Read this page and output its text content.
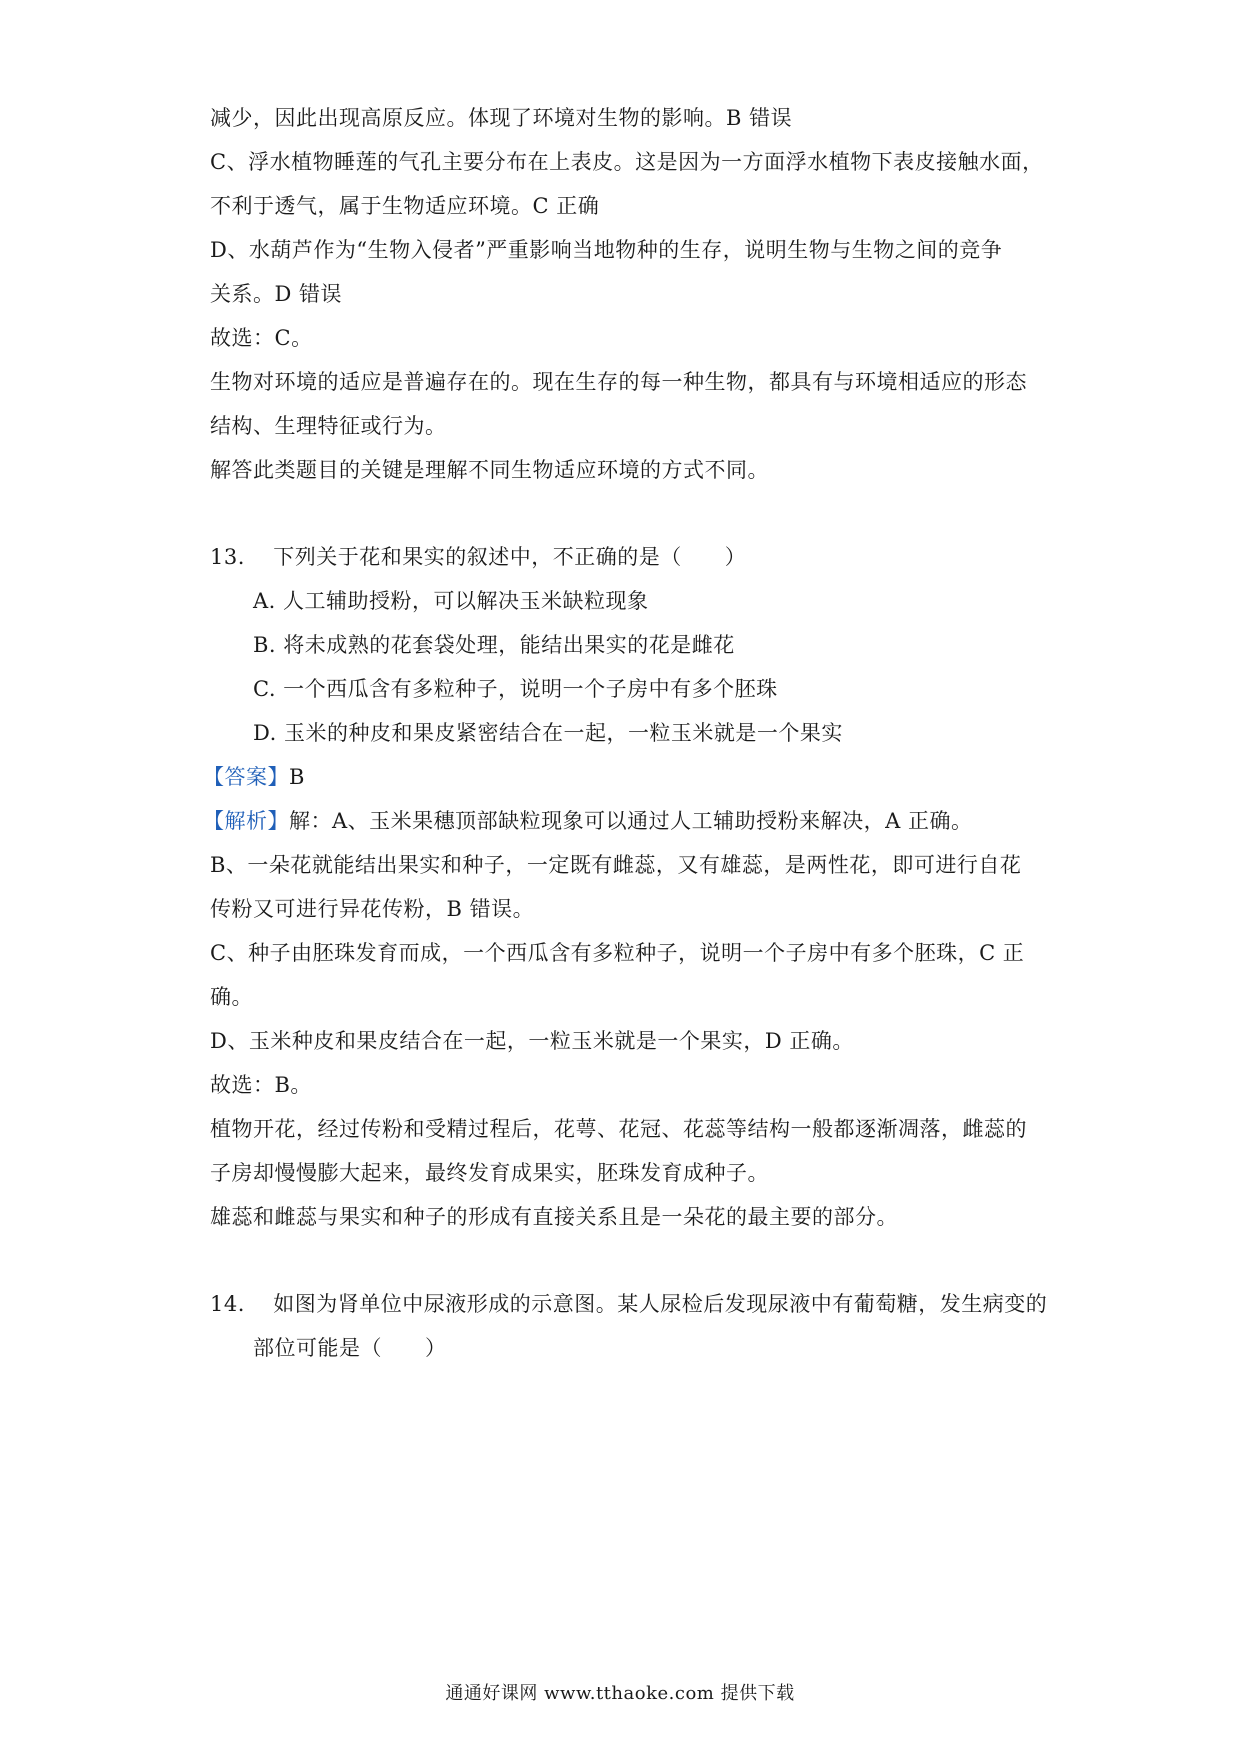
减少，因此出现高原反应。体现了环境对生物的影响。B 错误
C、浮水植物睡莲的气孔主要分布在上表皮。这是因为一方面浮水植物下表皮接触水面，
不利于透气，属于生物适应环境。C 正确
D、水葫芦作为“生物入侵者”严重影响当地物种的生存，说明生物与生物之间的竞争
关系。D 错误
故选：C。
生物对环境的适应是普遍存在的。现在生存的每一种生物，都具有与环境相适应的形态
结构、生理特征或行为。
解答此类题目的关键是理解不同生物适应环境的方式不同。
13. 下列关于花和果实的叙述中，不正确的是（　　）
A. 人工辅助授粉，可以解决玉米缺粒现象
B. 将未成熟的花套袋处理，能结出果实的花是雌花
C. 一个西瓜含有多粒种子，说明一个子房中有多个胚珠
D. 玉米的种皮和果皮紧密结合在一起，一粒玉米就是一个果实
【答案】B
【解析】解：A、玉米果穗顶部缺粒现象可以通过人工辅助授粉来解决，A 正确。
B、一朵花就能结出果实和种子，一定既有雌蕊，又有雄蕊，是两性花，即可进行自花
传粉又可进行异花传粉，B 错误。
C、种子由胚珠发育而成，一个西瓜含有多粒种子，说明一个子房中有多个胚珠，C 正
确。
D、玉米种皮和果皮结合在一起，一粒玉米就是一个果实，D 正确。
故选：B。
植物开花，经过传粉和受精过程后，花萼、花冠、花蕊等结构一般都逐渐凋落，雌蕊的
子房却慢慢膨大起来，最终发育成果实，胚珠发育成种子。
雄蕊和雌蕊与果实和种子的形成有直接关系且是一朵花的最主要的部分。
14. 如图为肾单位中尿液形成的示意图。某人尿检后发现尿液中有葡萄糖，发生病变的
部位可能是（　　）
通通好课网 www.tthaoke.com 提供下载
